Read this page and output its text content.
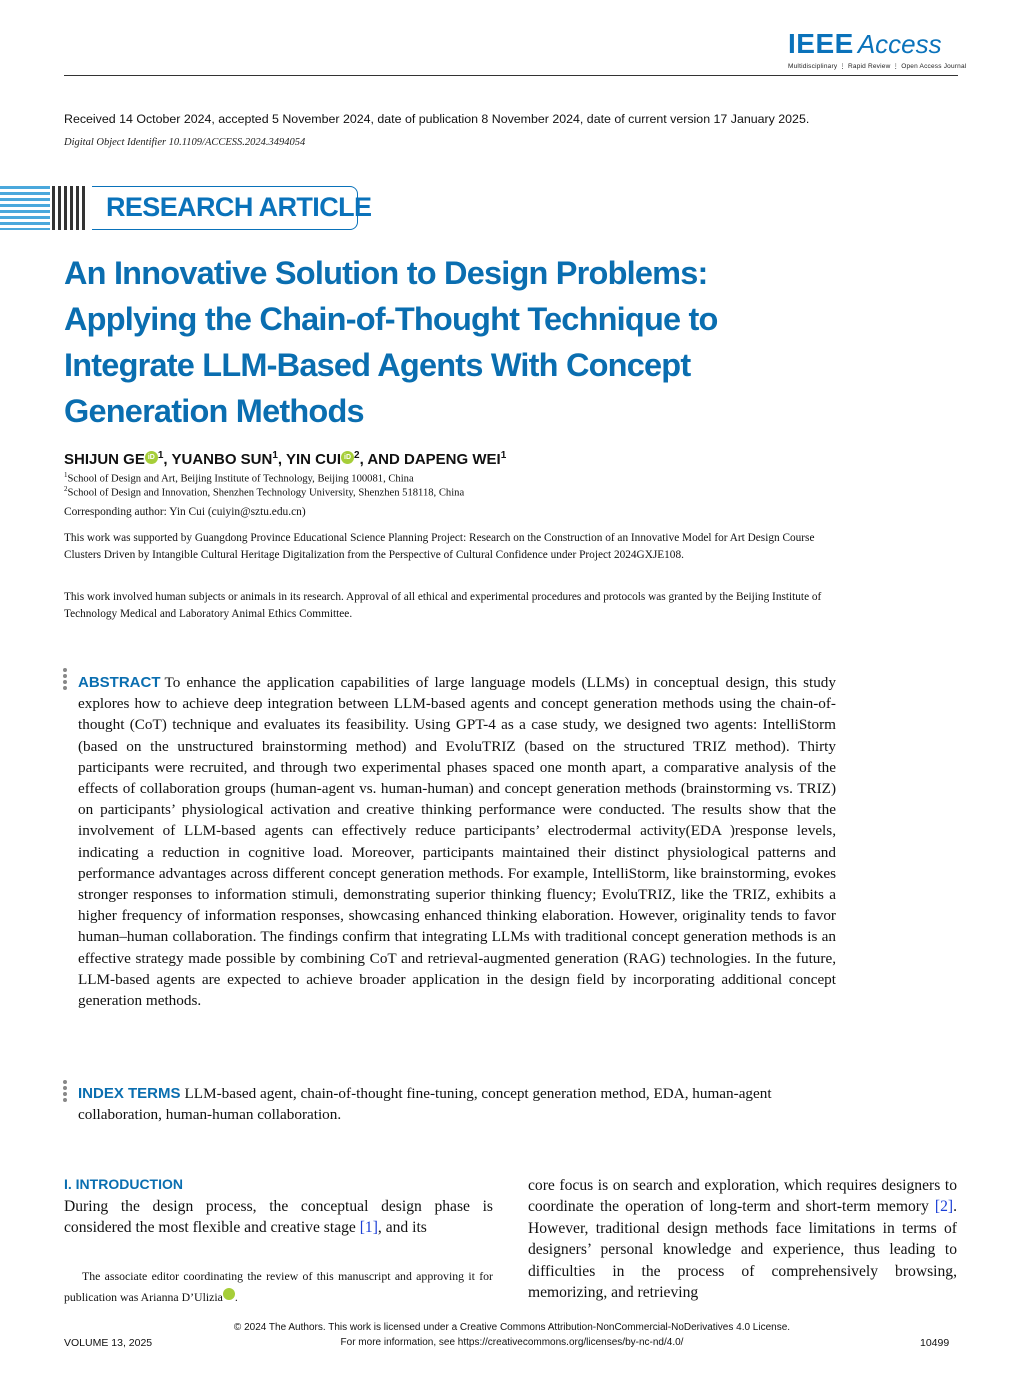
IEEE Access
Multidisciplinary ⋮ Rapid Review ⋮ Open Access Journal
Received 14 October 2024, accepted 5 November 2024, date of publication 8 November 2024, date of current version 17 January 2025.
Digital Object Identifier 10.1109/ACCESS.2024.3494054
RESEARCH ARTICLE
An Innovative Solution to Design Problems: Applying the Chain-of-Thought Technique to Integrate LLM-Based Agents With Concept Generation Methods
SHIJUN GE iD $^1$, YUANBO SUN$^1$, YIN CUI iD $^2$, AND DAPENG WEI$^1$
$^1$School of Design and Art, Beijing Institute of Technology, Beijing 100081, China
$^2$School of Design and Innovation, Shenzhen Technology University, Shenzhen 518118, China
Corresponding author: Yin Cui (cuiyin@sztu.edu.cn)

This work was supported by Guangdong Province Educational Science Planning Project: Research on the Construction of an Innovative Model for Art Design Course Clusters Driven by Intangible Cultural Heritage Digitalization from the Perspective of Cultural Confidence under Project 2024GXJE108.

This work involved human subjects or animals in its research. Approval of all ethical and experimental procedures and protocols was granted by the Beijing Institute of Technology Medical and Laboratory Animal Ethics Committee.

ABSTRACT To enhance the application capabilities of large language models (LLMs) in conceptual design, this study explores how to achieve deep integration between LLM-based agents and concept generation methods using the chain-of-thought (CoT) technique and evaluates its feasibility. Using GPT-4 as a case study, we designed two agents: IntelliStorm (based on the unstructured brainstorming method) and EvoluTRIZ (based on the structured TRIZ method). Thirty participants were recruited, and through two experimental phases spaced one month apart, a comparative analysis of the effects of collaboration groups (human-agent vs. human-human) and concept generation methods (brainstorming vs. TRIZ) on participants’ physiological activation and creative thinking performance were conducted. The results show that the involvement of LLM-based agents can effectively reduce participants’ electrodermal activity(EDA )response levels, indicating a reduction in cognitive load. Moreover, participants maintained their distinct physiological patterns and performance advantages across different concept generation methods. For example, IntelliStorm, like brainstorming, evokes stronger responses to information stimuli, demonstrating superior thinking fluency; EvoluTRIZ, like the TRIZ, exhibits a higher frequency of information responses, showcasing enhanced thinking elaboration. However, originality tends to favor human–human collaboration. The findings confirm that integrating LLMs with traditional concept generation methods is an effective strategy made possible by combining CoT and retrieval-augmented generation (RAG) technologies. In the future, LLM-based agents are expected to achieve broader application in the design field by incorporating additional concept generation methods.

INDEX TERMS LLM-based agent, chain-of-thought fine-tuning, concept generation method, EDA, human-agent collaboration, human-human collaboration.

I. INTRODUCTION

During the design process, the conceptual design phase is considered the most flexible and creative stage [1], and its

The associate editor coordinating the review of this manuscript and approving it for publication was Arianna D’Ulizia	iD.

core focus is on search and exploration, which requires designers to coordinate the operation of long-term and short-term memory [2]. However, traditional design methods face limitations in terms of designers’ personal knowledge and experience, thus leading to difficulties in the process of comprehensively browsing, memorizing, and retrieving

© 2024 The Authors. This work is licensed under a Creative Commons Attribution-NonCommercial-NoDerivatives 4.0 License.
For more information, see https://creativecommons.org/licenses/by-nc-nd/4.0/
VOLUME 13, 2025	10499
